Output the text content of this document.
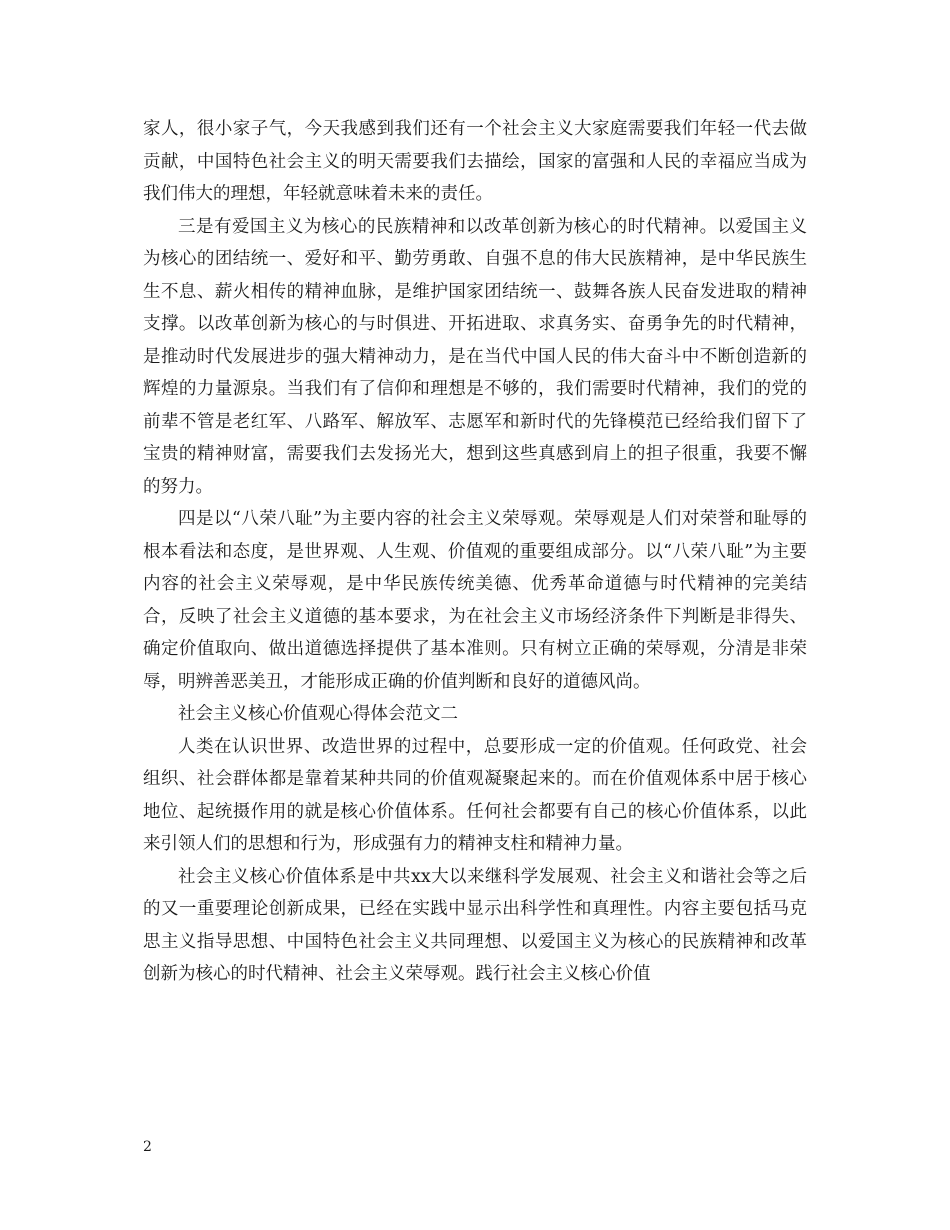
家人，很小家子气，今天我感到我们还有一个社会主义大家庭需要我们年轻一代去做贡献，中国特色社会主义的明天需要我们去描绘，国家的富强和人民的幸福应当成为我们伟大的理想，年轻就意味着未来的责任。

三是有爱国主义为核心的民族精神和以改革创新为核心的时代精神。以爱国主义为核心的团结统一、爱好和平、勤劳勇敢、自强不息的伟大民族精神，是中华民族生生不息、薪火相传的精神血脉，是维护国家团结统一、鼓舞各族人民奋发进取的精神支撑。以改革创新为核心的与时俱进、开拓进取、求真务实、奋勇争先的时代精神，是推动时代发展进步的强大精神动力，是在当代中国人民的伟大奋斗中不断创造新的辉煌的力量源泉。当我们有了信仰和理想是不够的，我们需要时代精神，我们的党的前辈不管是老红军、八路军、解放军、志愿军和新时代的先锋模范已经给我们留下了宝贵的精神财富，需要我们去发扬光大，想到这些真感到肩上的担子很重，我要不懈的努力。

四是以“八荣八耻”为主要内容的社会主义荣辱观。荣辱观是人们对荣誉和耻辱的根本看法和态度，是世界观、人生观、价值观的重要组成部分。以“八荣八耻”为主要内容的社会主义荣辱观，是中华民族传统美德、优秀革命道德与时代精神的完美结合，反映了社会主义道德的基本要求，为在社会主义市场经济条件下判断是非得失、确定价值取向、做出道德选择提供了基本准则。只有树立正确的荣辱观，分清是非荣辱，明辨善恶美丑，才能形成正确的价值判断和良好的道德风尚。

社会主义核心价值观心得体会范文二

人类在认识世界、改造世界的过程中，总要形成一定的价值观。任何政党、社会组织、社会群体都是靠着某种共同的价值观凝聚起来的。而在价值观体系中居于核心地位、起统摄作用的就是核心价值体系。任何社会都要有自己的核心价值体系，以此来引领人们的思想和行为，形成强有力的精神支柱和精神力量。

社会主义核心价值体系是中共xx大以来继科学发展观、社会主义和谐社会等之后的又一重要理论创新成果，已经在实践中显示出科学性和真理性。内容主要包括马克思主义指导思想、中国特色社会主义共同理想、以爱国主义为核心的民族精神和改革创新为核心的时代精神、社会主义荣辱观。践行社会主义核心价值

2
